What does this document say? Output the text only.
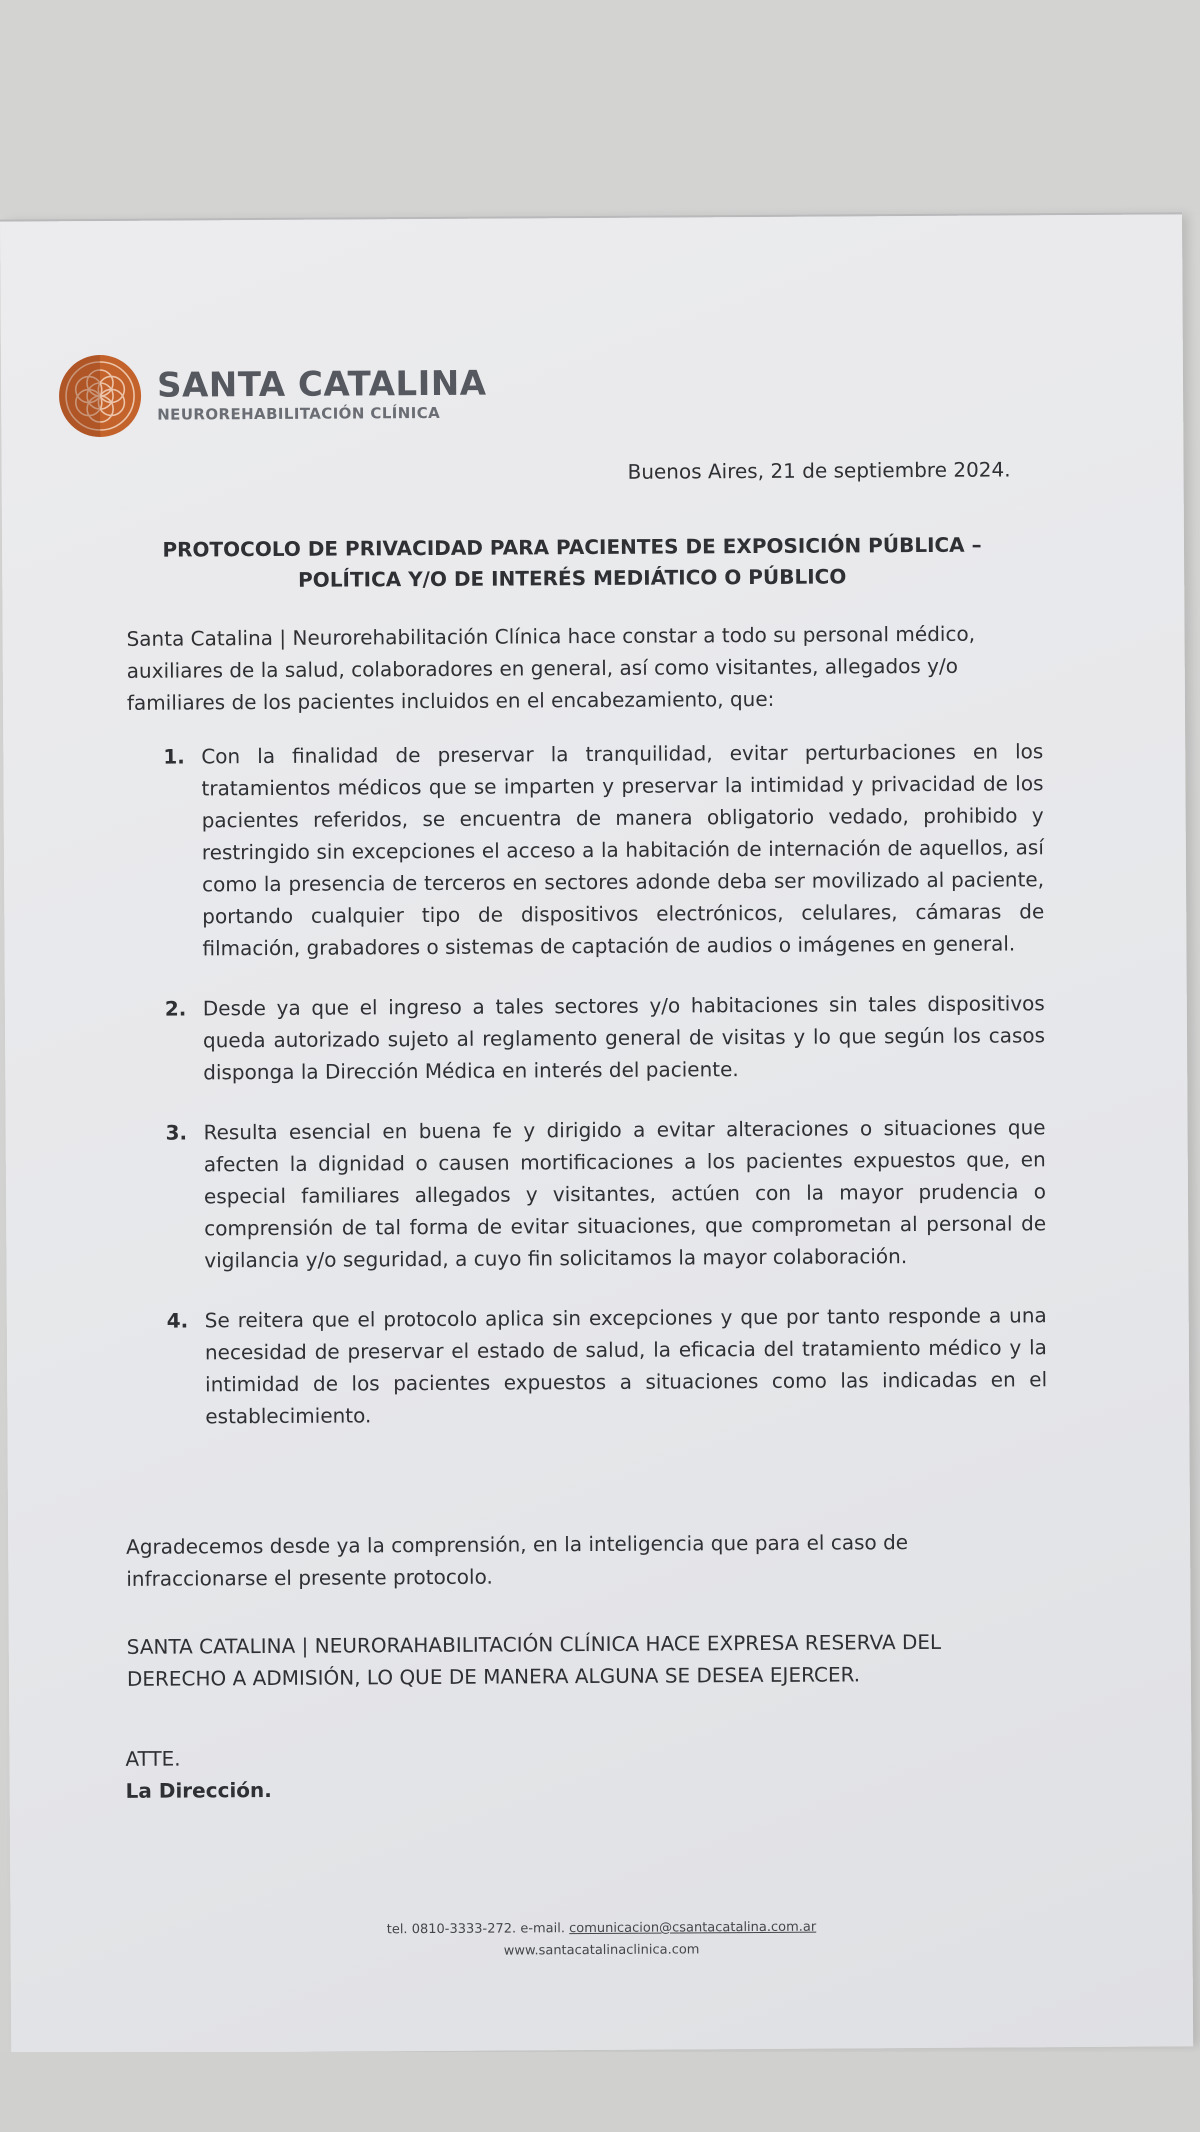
SANTA CATALINA
NEUROREHABILITACIÓN CLÍNICA
Buenos Aires, 21 de septiembre 2024.
PROTOCOLO DE PRIVACIDAD PARA PACIENTES DE EXPOSICIÓN PÚBLICA –
POLÍTICA Y/O DE INTERÉS MEDIÁTICO O PÚBLICO
Santa Catalina | Neurorehabilitación Clínica hace constar a todo su personal médico, auxiliares de la salud, colaboradores en general, así como visitantes, allegados y/o familiares de los pacientes incluidos en el encabezamiento, que:
1. Con la finalidad de preservar la tranquilidad, evitar perturbaciones en los tratamientos médicos que se imparten y preservar la intimidad y privacidad de los pacientes referidos, se encuentra de manera obligatorio vedado, prohibido y restringido sin excepciones el acceso a la habitación de internación de aquellos, así como la presencia de terceros en sectores adonde deba ser movilizado al paciente, portando cualquier tipo de dispositivos electrónicos, celulares, cámaras de filmación, grabadores o sistemas de captación de audios o imágenes en general.
2. Desde ya que el ingreso a tales sectores y/o habitaciones sin tales dispositivos queda autorizado sujeto al reglamento general de visitas y lo que según los casos disponga la Dirección Médica en interés del paciente.
3. Resulta esencial en buena fe y dirigido a evitar alteraciones o situaciones que afecten la dignidad o causen mortificaciones a los pacientes expuestos que, en especial familiares allegados y visitantes, actúen con la mayor prudencia o comprensión de tal forma de evitar situaciones, que comprometan al personal de vigilancia y/o seguridad, a cuyo fin solicitamos la mayor colaboración.
4. Se reitera que el protocolo aplica sin excepciones y que por tanto responde a una necesidad de preservar el estado de salud, la eficacia del tratamiento médico y la intimidad de los pacientes expuestos a situaciones como las indicadas en el establecimiento.
Agradecemos desde ya la comprensión, en la inteligencia que para el caso de infraccionarse el presente protocolo.
SANTA CATALINA | NEURORAHABILITACIÓN CLÍNICA HACE EXPRESA RESERVA DEL DERECHO A ADMISIÓN, LO QUE DE MANERA ALGUNA SE DESEA EJERCER.
ATTE.
La Dirección.
tel. 0810-3333-272. e-mail. comunicacion@csantacatalina.com.ar
www.santacatalinaclinica.com
